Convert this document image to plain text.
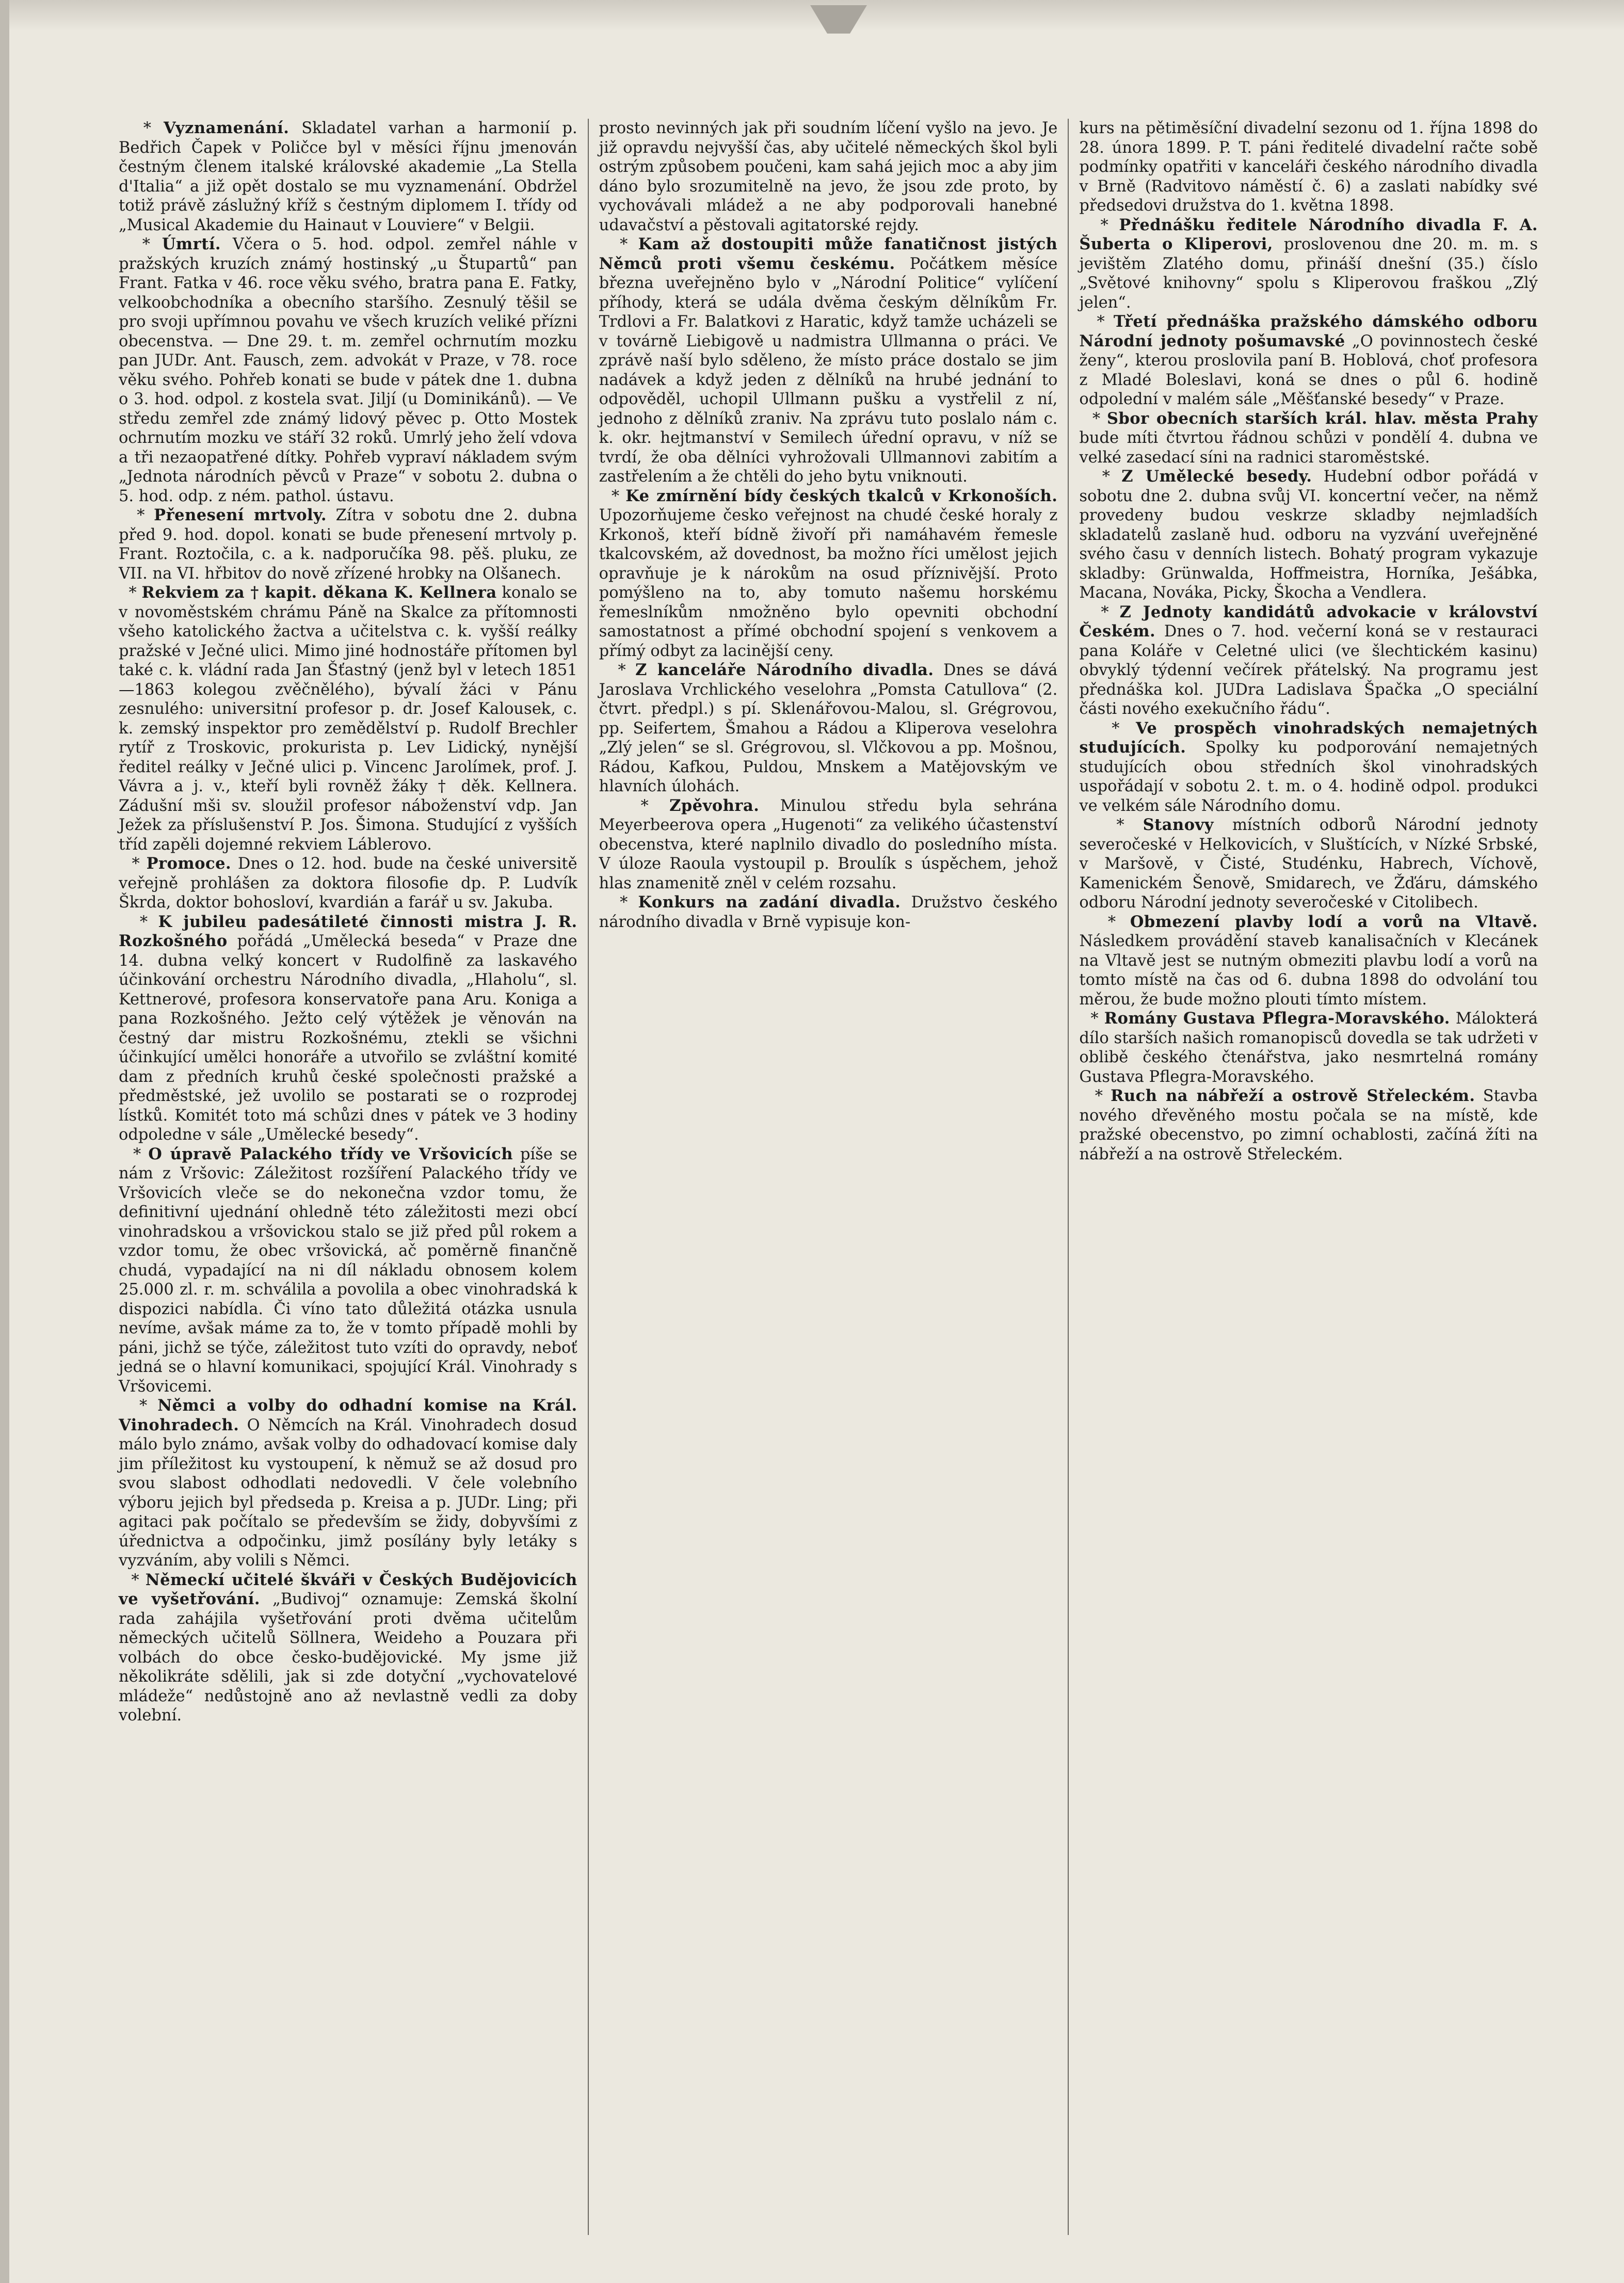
* Vyznamenání. Skladatel varhan a harmonií p. Bedřich Čapek v Poličce byl v měsíci říjnu jmenován čestným členem italské královské akademie „La Stella d'Italia“ a již opět dostalo se mu vyznamenání. Obdržel totiž právě záslužný kříž s čestným diplomem I. třídy od „Musical Akademie du Hainaut v Louviere“ v Belgii.

* Úmrtí. Včera o 5. hod. odpol. zemřel náhle v pražských kruzích známý hostinský „u Štupartů“ pan Frant. Fatka v 46. roce věku svého, bratra pana E. Fatky, velkoobchodníka a obecního staršího. Zesnulý těšil se pro svoji upřímnou povahu ve všech kruzích veliké přízni obecenstva. — Dne 29. t. m. zemřel ochrnutím mozku pan JUDr. Ant. Fausch, zem. advokát v Praze, v 78. roce věku svého. Pohřeb konati se bude v pátek dne 1. dubna o 3. hod. odpol. z kostela svat. Jiljí (u Dominikánů). — Ve středu zemřel zde známý lidový pěvec p. Otto Mostek ochrnutím mozku ve stáří 32 roků. Umrlý jeho želí vdova a tři nezaopatřené dítky. Pohřeb vypraví nákladem svým „Jednota národních pěvců v Praze“ v sobotu 2. dubna o 5. hod. odp. z ném. pathol. ústavu.

* Přenesení mrtvoly. Zítra v sobotu dne 2. dubna před 9. hod. dopol. konati se bude přenesení mrtvoly p. Frant. Roztočila, c. a k. nadporučíka 98. pěš. pluku, ze VII. na VI. hřbitov do nově zřízené hrobky na Olšanech.

* Rekviem za † kapit. děkana K. Kellnera konalo se v novoměstském chrámu Páně na Skalce za přítomnosti všeho katolického žactva a učitelstva c. k. vyšší reálky pražské v Ječné ulici. Mimo jiné hodnostáře přítomen byl také c. k. vládní rada Jan Šťastný (jenž byl v letech 1851—1863 kolegou zvěčnělého), bývalí žáci v Pánu zesnulého: universitní profesor p. dr. Josef Kalousek, c. k. zemský inspektor pro zemědělství p. Rudolf Brechler rytíř z Troskovic, prokurista p. Lev Lidický, nynější ředitel reálky v Ječné ulici p. Vincenc Jarolímek, prof. J. Vávra a j. v., kteří byli rovněž žáky † děk. Kellnera. Zádušní mši sv. sloužil profesor náboženství vdp. Jan Ježek za příslušenství P. Jos. Šimona. Studující z vyšších tříd zapěli dojemné rekviem Láblerovo.

* Promoce. Dnes o 12. hod. bude na české universitě veřejně prohlášen za doktora filosofie dp. P. Ludvík Škrda, doktor bohosloví, kvardián a farář u sv. Jakuba.

* K jubileu padesátileté činnosti mistra J. R. Rozkošného pořádá „Umělecká beseda“ v Praze dne 14. dubna velký koncert v Rudolfině za laskavého účinkování orchestru Národního divadla, „Hlaholu“, sl. Kettnerové, profesora konservatoře pana Aru. Koniga a pana Rozkošného. Ježto celý výtěžek je věnován na čestný dar mistru Rozkošnému, ztekli se všichni účinkující umělci honoráře a utvořilo se zvláštní komité dam z předních kruhů české společnosti pražské a předměstské, jež uvolilo se postarati se o rozprodej lístků. Komitét toto má schůzi dnes v pátek ve 3 hodiny odpoledne v sále „Umělecké besedy“.

* O úpravě Palackého třídy ve Vršovicích píše se nám z Vršovic: Záležitost rozšíření Palackého třídy ve Vršovicích vleče se do nekonečna vzdor tomu, že definitivní ujednání ohledně této záležitosti mezi obcí vinohradskou a vršovickou stalo se již před půl rokem a vzdor tomu, že obec vršovická, ač poměrně finančně chudá, vypadající na ni díl nákladu obnosem kolem 25.000 zl. r. m. schválila a povolila a obec vinohradská k dispozici nabídla. Či víno tato důležitá otázka usnula nevíme, avšak máme za to, že v tomto případě mohli by páni, jichž se týče, záležitost tuto vzíti do opravdy, neboť jedná se o hlavní komunikaci, spojující Král. Vinohrady s Vršovicemi.

* Němci a volby do odhadní komise na Král. Vinohradech. O Němcích na Král. Vinohradech dosud málo bylo známo, avšak volby do odhadovací komise daly jim příležitost ku vystoupení, k němuž se až dosud pro svou slabost odhodlati nedovedli. V čele volebního výboru jejich byl předseda p. Kreisa a p. JUDr. Ling; při agitaci pak počítalo se především se židy, dobyvšími z úřednictva a odpočinku, jimž posílány byly letáky s vyzváním, aby volili s Němci.

* Německí učitelé škváři v Českých Budějovicích ve vyšetřování. „Budivoj“ oznamuje: Zemská školní rada zahájila vyšetřování proti dvěma učitelům německých učitelů Söllnera, Weideho a Pouzara při volbách do obce česko-budějovické. My jsme již několikráte sdělili, jak si zde dotyční „vychovatelové mládeže“ nedůstojně ano až nevlastně vedli za doby volební.

prosto nevinných jak při soudním líčení vyšlo na jevo. Je již opravdu nejvyšší čas, aby učitelé německých škol byli ostrým způsobem poučeni, kam sahá jejich moc a aby jim dáno bylo srozumitelně na jevo, že jsou zde proto, by vychovávali mládež a ne aby podporovali hanebné udavačství a pěstovali agitatorské rejdy.

* Kam až dostoupiti může fanatičnost jistých Němců proti všemu českému. Počátkem měsíce března uveřejněno bylo v „Národní Politice“ vylíčení příhody, která se udála dvěma českým dělníkům Fr. Trdlovi a Fr. Balatkovi z Haratic, když tamže ucházeli se v továrně Liebigově u nadmistra Ullmanna o práci. Ve zprávě naší bylo sděleno, že místo práce dostalo se jim nadávek a když jeden z dělníků na hrubé jednání to odpověděl, uchopil Ullmann pušku a vystřelil z ní, jednoho z dělníků zraniv. Na zprávu tuto poslalo nám c. k. okr. hejtmanství v Semilech úřední opravu, v níž se tvrdí, že oba dělníci vyhrožovali Ullmannovi zabitím a zastřelením a že chtěli do jeho bytu vniknouti.

* Ke zmírnění bídy českých tkalců v Krkonoších. Upozorňujeme česko veřejnost na chudé české horaly z Krkonoš, kteří bídně živoří při namáhavém řemesle tkalcovském, až dovednost, ba možno říci umělost jejich opravňuje je k nárokům na osud příznivější. Proto pomýšleno na to, aby tomuto našemu horskému řemeslníkům nmožněno bylo opevniti obchodní samostatnost a přímé obchodní spojení s venkovem a přímý odbyt za lacinější ceny.

* Z kanceláře Národního divadla. Dnes se dává Jaroslava Vrchlického veselohra „Pomsta Catullova“ (2. čtvrt. předpl.) s pí. Sklenářovou-Malou, sl. Grégrovou, pp. Seifertem, Šmahou a Rádou a Kliperova veselohra „Zlý jelen“ se sl. Grégrovou, sl. Vlčkovou a pp. Mošnou, Rádou, Kafkou, Puldou, Mnskem a Matějovským ve hlavních úlohách.

* Zpěvohra. Minulou středu byla sehrána Meyerbeerova opera „Hugenoti“ za velikého účastenství obecenstva, které naplnilo divadlo do posledního místa. V úloze Raoula vystoupil p. Broulík s úspěchem, jehož hlas znamenitě zněl v celém rozsahu.

* Konkurs na zadání divadla. Družstvo českého národního divadla v Brně vypisuje kon-

kurs na pětiměsíční divadelní sezonu od 1. října 1898 do 28. února 1899. P. T. páni ředitelé divadelní račte sobě podmínky opatřiti v kanceláři českého národního divadla v Brně (Radvitovo náměstí č. 6) a zaslati nabídky své předsedovi družstva do 1. května 1898.

* Přednášku ředitele Národního divadla F. A. Šuberta o Kliperovi, proslovenou dne 20. m. m. s jevištěm Zlatého domu, přináší dnešní (35.) číslo „Světové knihovny“ spolu s Kliperovou fraškou „Zlý jelen“.

* Třetí přednáška pražského dámského odboru Národní jednoty pošumavské „O povinnostech české ženy“, kterou proslovila paní B. Hoblová, choť profesora z Mladé Boleslavi, koná se dnes o půl 6. hodině odpolední v malém sále „Měšťanské besedy“ v Praze.

* Sbor obecních starších král. hlav. města Prahy bude míti čtvrtou řádnou schůzi v pondělí 4. dubna ve velké zasedací síni na radnici staroměstské.

* Z Umělecké besedy. Hudební odbor pořádá v sobotu dne 2. dubna svůj VI. koncertní večer, na němž provedeny budou veskrze skladby nejmladších skladatelů zaslaně hud. odboru na vyzvání uveřejněné svého času v denních listech. Bohatý program vykazuje skladby: Grünwalda, Hoffmeistra, Horníka, Ješábka, Macana, Nováka, Picky, Škocha a Vendlera.

* Z Jednoty kandidátů advokacie v království Českém. Dnes o 7. hod. večerní koná se v restauraci pana Koláře v Celetné ulici (ve šlechtickém kasinu) obvyklý týdenní večírek přátelský. Na programu jest přednáška kol. JUDra Ladislava Špačka „O speciální části nového exekučního řádu“.

* Ve prospěch vinohradských nemajetných studujících. Spolky ku podporování nemajetných studujících obou středních škol vinohradských uspořádají v sobotu 2. t. m. o 4. hodině odpol. produkci ve velkém sále Národního domu.

* Stanovy místních odborů Národní jednoty severočeské v Helkovicích, v Sluštících, v Nízké Srbské, v Maršově, v Čisté, Studénku, Habrech, Víchově, Kamenickém Šenově, Smidarech, ve Žďáru, dámského odboru Národní jednoty severočeské v Citolibech.

* Obmezení plavby lodí a vorů na Vltavě. Následkem provádění staveb kanalisačních v Klecánek na Vltavě jest se nutným obmeziti plavbu lodí a vorů na tomto místě na čas od 6. dubna 1898 do odvolání tou měrou, že bude možno plouti tímto místem.

* Romány Gustava Pflegra-Moravského. Málokterá dílo starších našich romanopisců dovedla se tak udržeti v oblibě českého čtenářstva, jako nesmrtelná romány Gustava Pflegra-Moravského.

* Ruch na nábřeží a ostrově Střeleckém. Stavba nového dřevěného mostu počala se na místě, kde pražské obecenstvo, po zimní ochablosti, začíná žíti na nábřeží a na ostrově Střeleckém.
